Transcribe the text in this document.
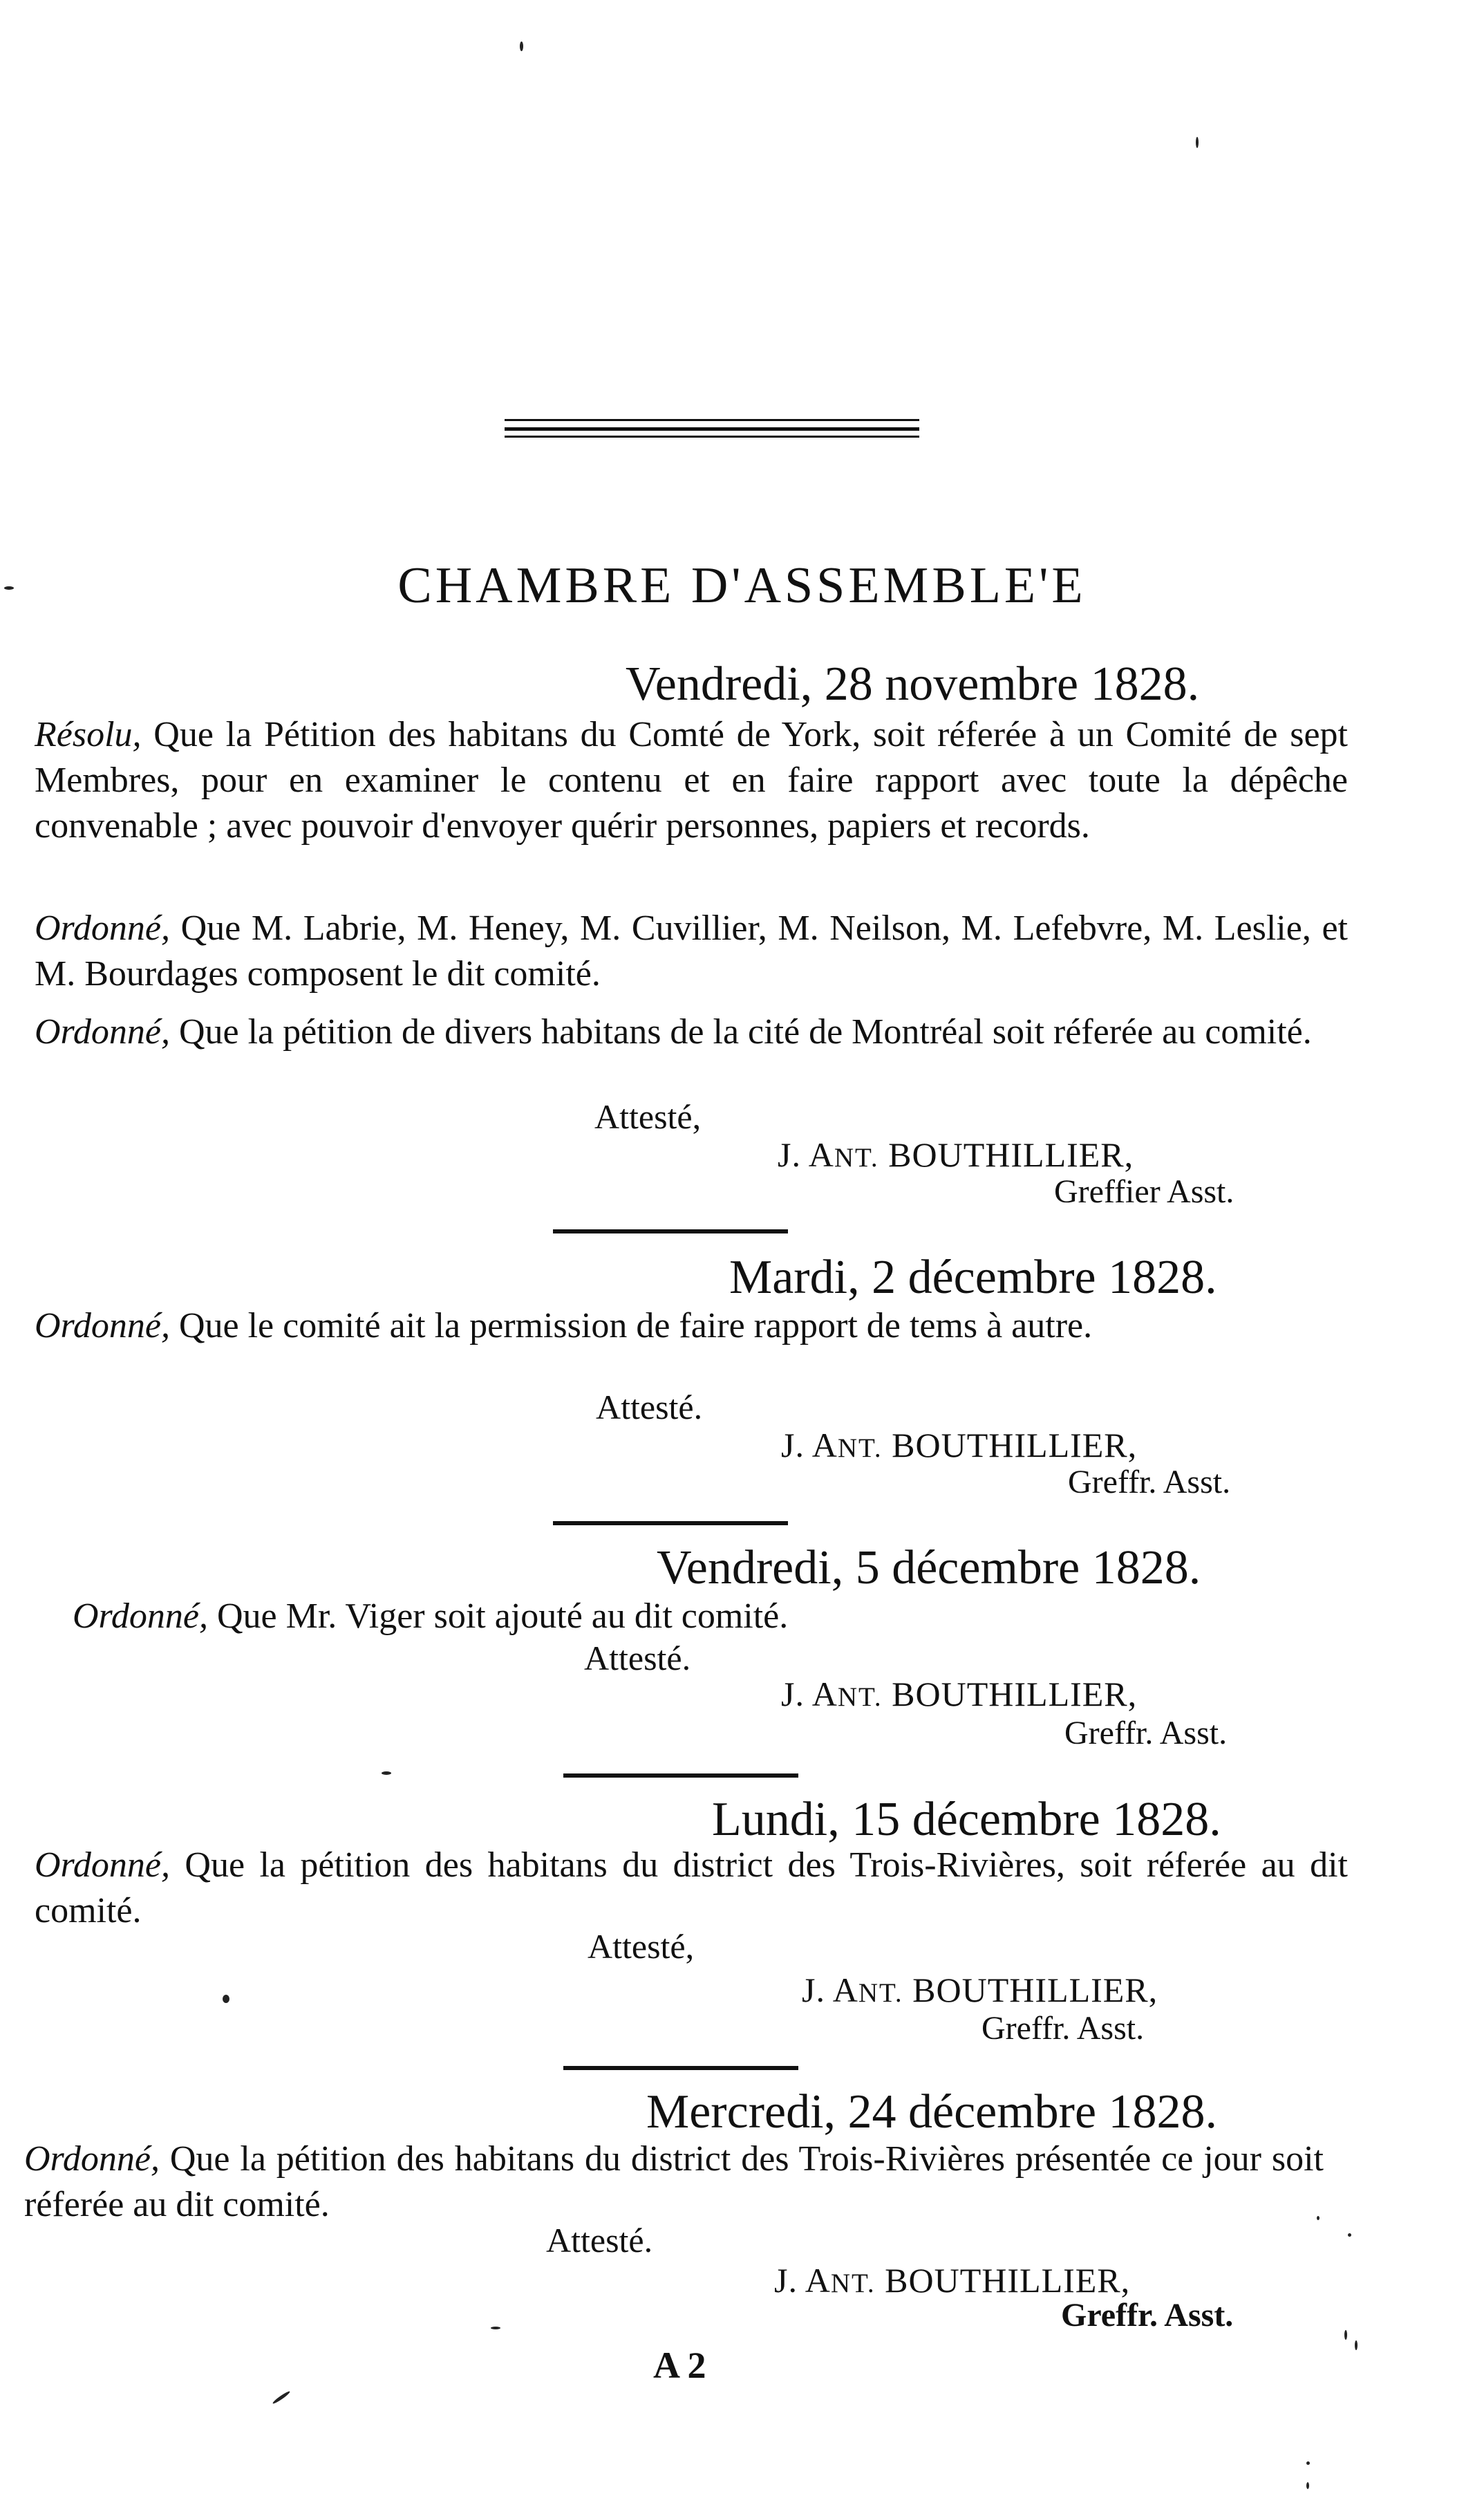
CHAMBRE D'ASSEMBLE'E
Vendredi, 28 novembre 1828.
Résolu, Que la Pétition des habitans du Comté de York, soit réferée à un Comité de sept Membres, pour en examiner le contenu et en faire rapport avec toute la dépêche convenable ; avec pouvoir d'envoyer quérir personnes, papiers et records.
Ordonné, Que M. Labrie, M. Heney, M. Cuvillier, M. Neilson, M. Lefebvre, M. Leslie, et M. Bourdages composent le dit comité.
Ordonné, Que la pétition de divers habitans de la cité de Montréal soit réferée au comité.
Attesté,
J. ANT. BOUTHILLIER,
Greffier Asst.
Mardi, 2 décembre 1828.
Ordonné, Que le comité ait la permission de faire rapport de tems à autre.
Attesté.
J. ANT. BOUTHILLIER,
Greffr. Asst.
Vendredi, 5 décembre 1828.
Ordonné, Que Mr. Viger soit ajouté au dit comité.
Attesté.
J. ANT. BOUTHILLIER,
Greffr. Asst.
Lundi, 15 décembre 1828.
Ordonné, Que la pétition des habitans du district des Trois-Rivières, soit réferée au dit comité.
Attesté,
J. ANT. BOUTHILLIER,
Greffr. Asst.
Mercredi, 24 décembre 1828.
Ordonné, Que la pétition des habitans du district des Trois-Rivières présentée ce jour soit réferée au dit comité.
Attesté.
J. ANT. BOUTHILLIER,
Greffr. Asst.
A 2
